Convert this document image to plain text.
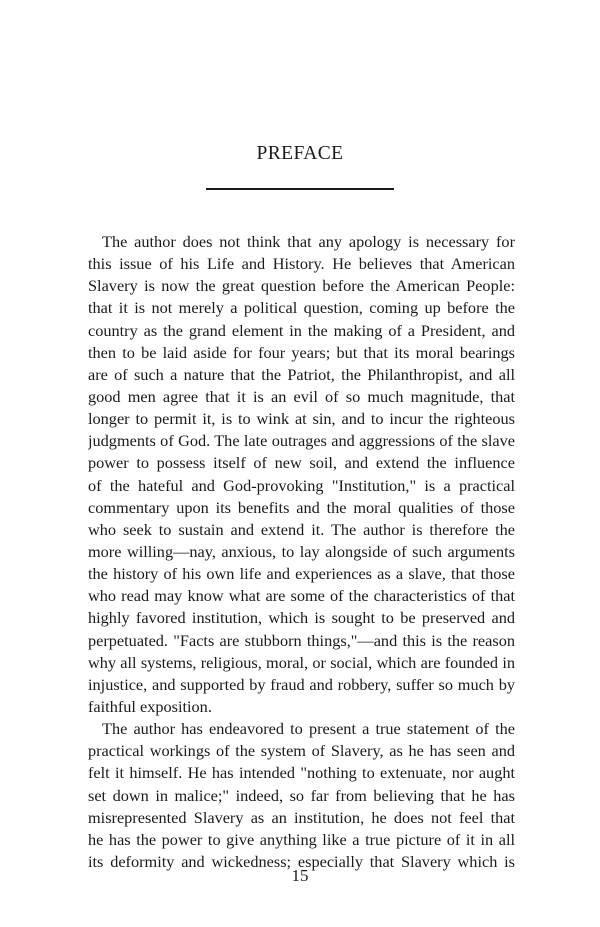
PREFACE
The author does not think that any apology is necessary for
this issue of his Life and History. He believes that American
Slavery is now the great question before the American People:
that it is not merely a political question, coming up before the
country as the grand element in the making of a President, and
then to be laid aside for four years; but that its moral bearings
are of such a nature that the Patriot, the Philanthropist, and all
good men agree that it is an evil of so much magnitude, that
longer to permit it, is to wink at sin, and to incur the righteous
judgments of God. The late outrages and aggressions of the slave
power to possess itself of new soil, and extend the influence
of the hateful and God-provoking "Institution," is a practical
commentary upon its benefits and the moral qualities of those
who seek to sustain and extend it. The author is therefore the
more willing—nay, anxious, to lay alongside of such arguments
the history of his own life and experiences as a slave, that those
who read may know what are some of the characteristics of that
highly favored institution, which is sought to be preserved and
perpetuated. "Facts are stubborn things,"—and this is the reason
why all systems, religious, moral, or social, which are founded in
injustice, and supported by fraud and robbery, suffer so much by
faithful exposition.
The author has endeavored to present a true statement of the
practical workings of the system of Slavery, as he has seen and
felt it himself. He has intended "nothing to extenuate, nor aught
set down in malice;" indeed, so far from believing that he has
misrepresented Slavery as an institution, he does not feel that
he has the power to give anything like a true picture of it in all
its deformity and wickedness; especially that Slavery which is
15
